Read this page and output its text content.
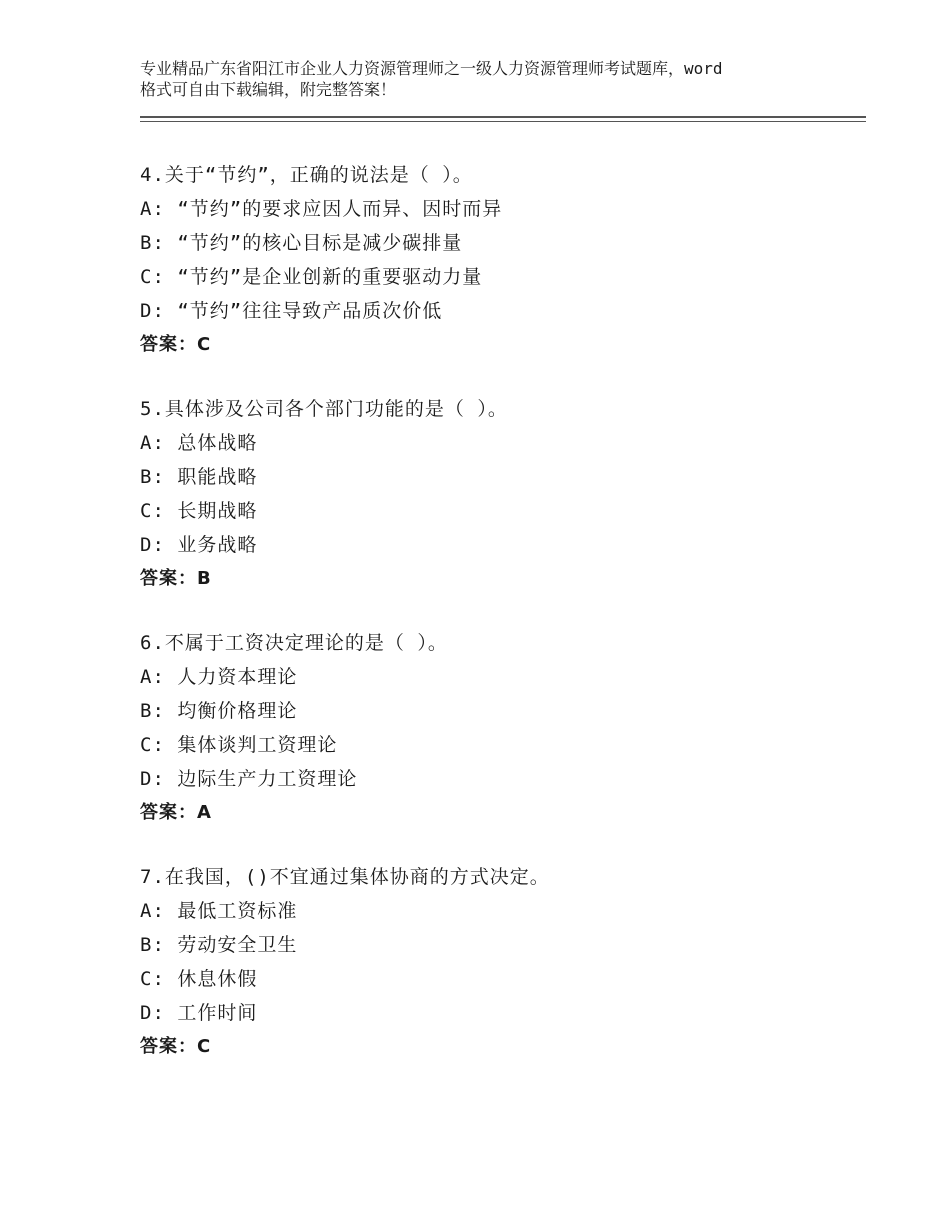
专业精品广东省阳江市企业人力资源管理师之一级人力资源管理师考试题库，word
格式可自由下载编辑，附完整答案！
4.关于“节约”，正确的说法是（ ）。
A: “节约”的要求应因人而异、因时而异
B: “节约”的核心目标是减少碳排量
C: “节约”是企业创新的重要驱动力量
D: “节约”往往导致产品质次价低
答案：C
5.具体涉及公司各个部门功能的是（ ）。
A: 总体战略
B: 职能战略
C: 长期战略
D: 业务战略
答案：B
6.不属于工资决定理论的是（ ）。
A: 人力资本理论
B: 均衡价格理论
C: 集体谈判工资理论
D: 边际生产力工资理论
答案：A
7.在我国，()不宜通过集体协商的方式决定。
A: 最低工资标准
B: 劳动安全卫生
C: 休息休假
D: 工作时间
答案：C
